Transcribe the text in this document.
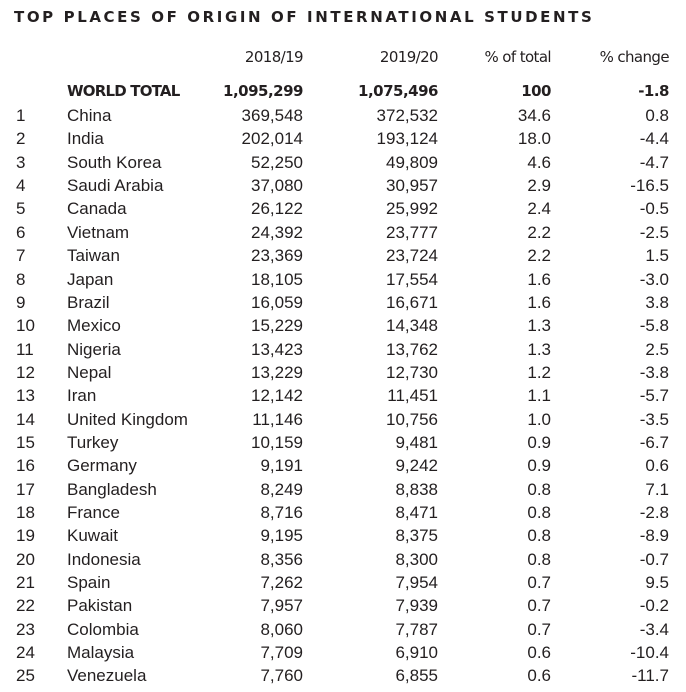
TOP PLACES OF ORIGIN OF INTERNATIONAL STUDENTS
2018/19	2019/20	% of total	% change
WORLD TOTAL	1,095,299	1,075,496	100	-1.8
1 China	369,548	372,532	34.6	0.8
2 India	202,014	193,124	18.0	-4.4
3 South Korea	52,250	49,809	4.6	-4.7
4 Saudi Arabia	37,080	30,957	2.9	-16.5
5 Canada	26,122	25,992	2.4	-0.5
6 Vietnam	24,392	23,777	2.2	-2.5
7 Taiwan	23,369	23,724	2.2	1.5
8 Japan	18,105	17,554	1.6	-3.0
9 Brazil	16,059	16,671	1.6	3.8
10 Mexico	15,229	14,348	1.3	-5.8
11 Nigeria	13,423	13,762	1.3	2.5
12 Nepal	13,229	12,730	1.2	-3.8
13 Iran	12,142	11,451	1.1	-5.7
14 United Kingdom	11,146	10,756	1.0	-3.5
15 Turkey	10,159	9,481	0.9	-6.7
16 Germany	9,191	9,242	0.9	0.6
17 Bangladesh	8,249	8,838	0.8	7.1
18 France	8,716	8,471	0.8	-2.8
19 Kuwait	9,195	8,375	0.8	-8.9
20 Indonesia	8,356	8,300	0.8	-0.7
21 Spain	7,262	7,954	0.7	9.5
22 Pakistan	7,957	7,939	0.7	-0.2
23 Colombia	8,060	7,787	0.7	-3.4
24 Malaysia	7,709	6,910	0.6	-10.4
25 Venezuela	7,760	6,855	0.6	-11.7
